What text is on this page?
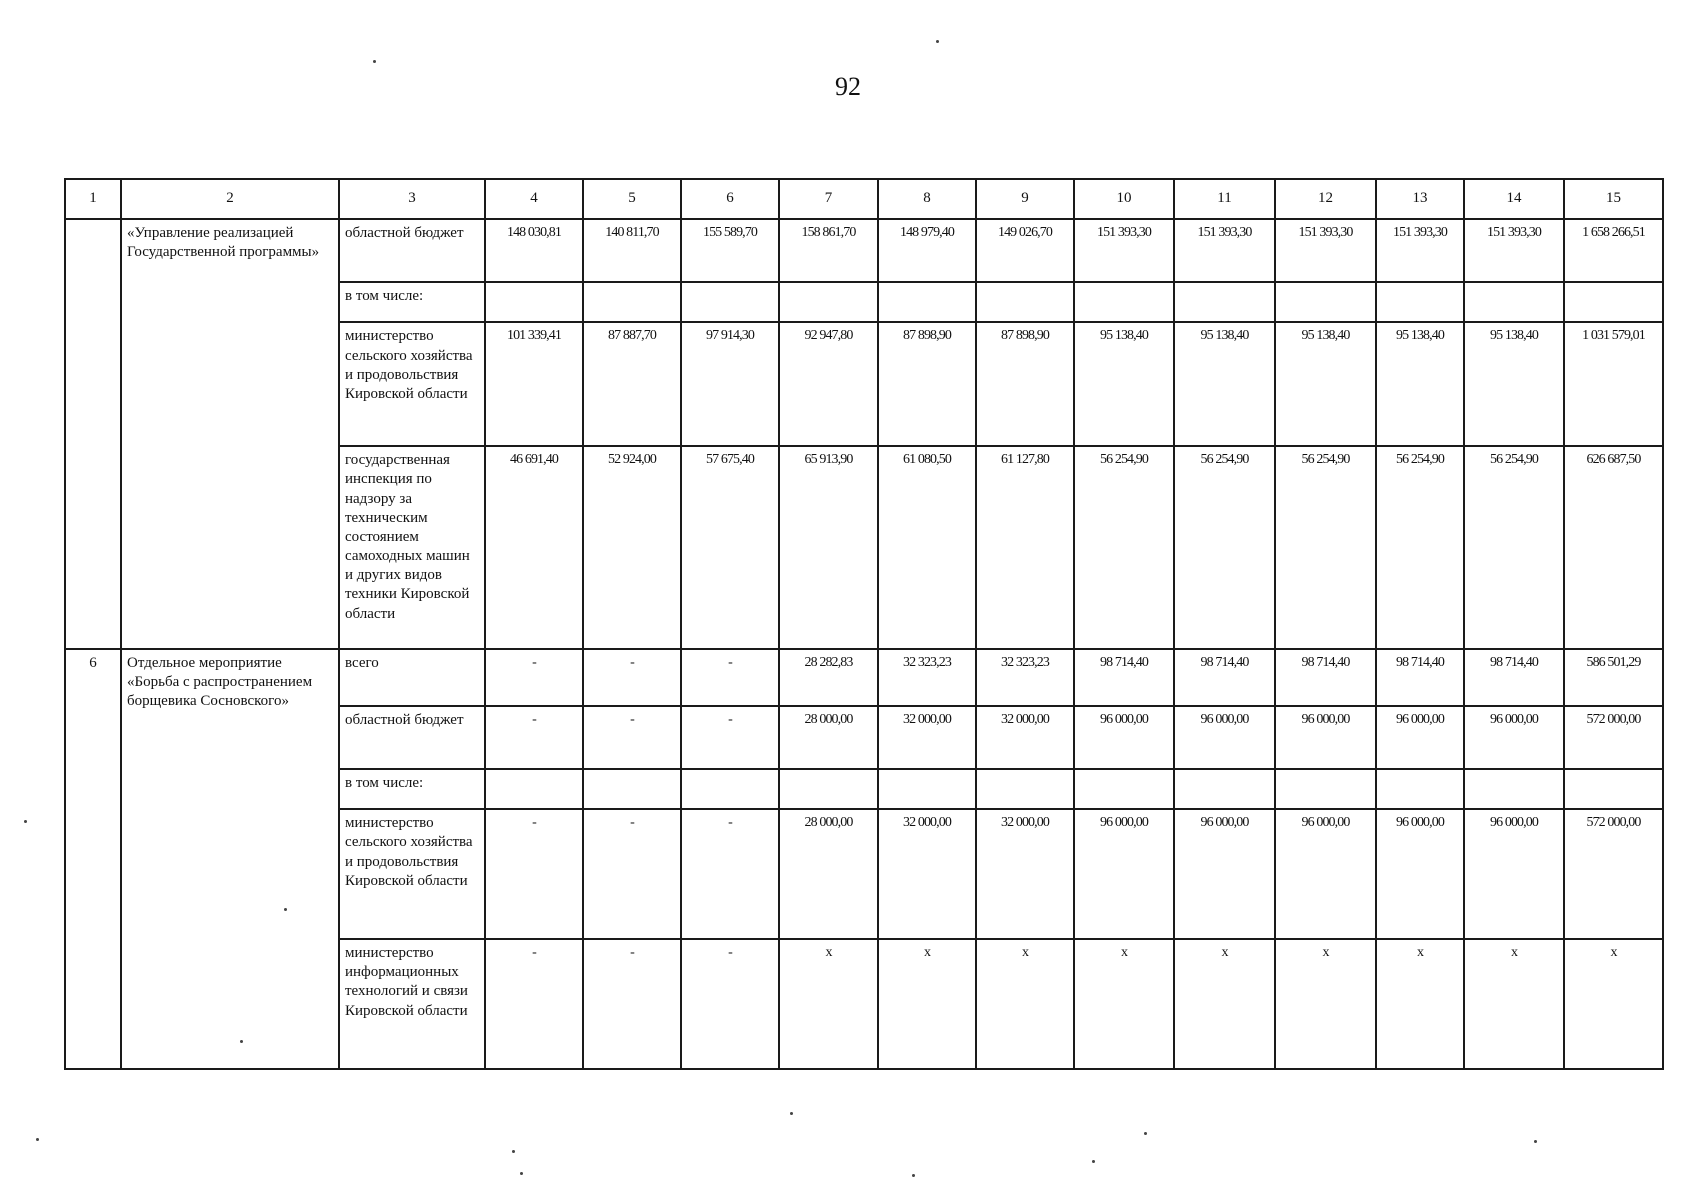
92
1	2	3	4	5	6	7	8	9	10	11	12	13	14	15
	«Управление реализацией Государственной программы»	областной бюджет	148 030,81	140 811,70	155 589,70	158 861,70	148 979,40	149 026,70	151 393,30	151 393,30	151 393,30	151 393,30	151 393,30	1 658 266,51
		в том числе:												
		министерство сельского хозяйства и продовольствия Кировской области	101 339,41	87 887,70	97 914,30	92 947,80	87 898,90	87 898,90	95 138,40	95 138,40	95 138,40	95 138,40	95 138,40	1 031 579,01
		государственная инспекция по надзору за техническим состоянием самоходных машин и других видов техники Кировской области	46 691,40	52 924,00	57 675,40	65 913,90	61 080,50	61 127,80	56 254,90	56 254,90	56 254,90	56 254,90	56 254,90	626 687,50
6	Отдельное мероприятие «Борьба с распространением борщевика Сосновского»	всего	-	-	-	28 282,83	32 323,23	32 323,23	98 714,40	98 714,40	98 714,40	98 714,40	98 714,40	586 501,29
		областной бюджет	-	-	-	28 000,00	32 000,00	32 000,00	96 000,00	96 000,00	96 000,00	96 000,00	96 000,00	572 000,00
		в том числе:												
		министерство сельского хозяйства и продовольствия Кировской области	-	-	-	28 000,00	32 000,00	32 000,00	96 000,00	96 000,00	96 000,00	96 000,00	96 000,00	572 000,00
		министерство информационных технологий и связи Кировской области	-	-	-	х	х	х	х	х	х	х	х	х
